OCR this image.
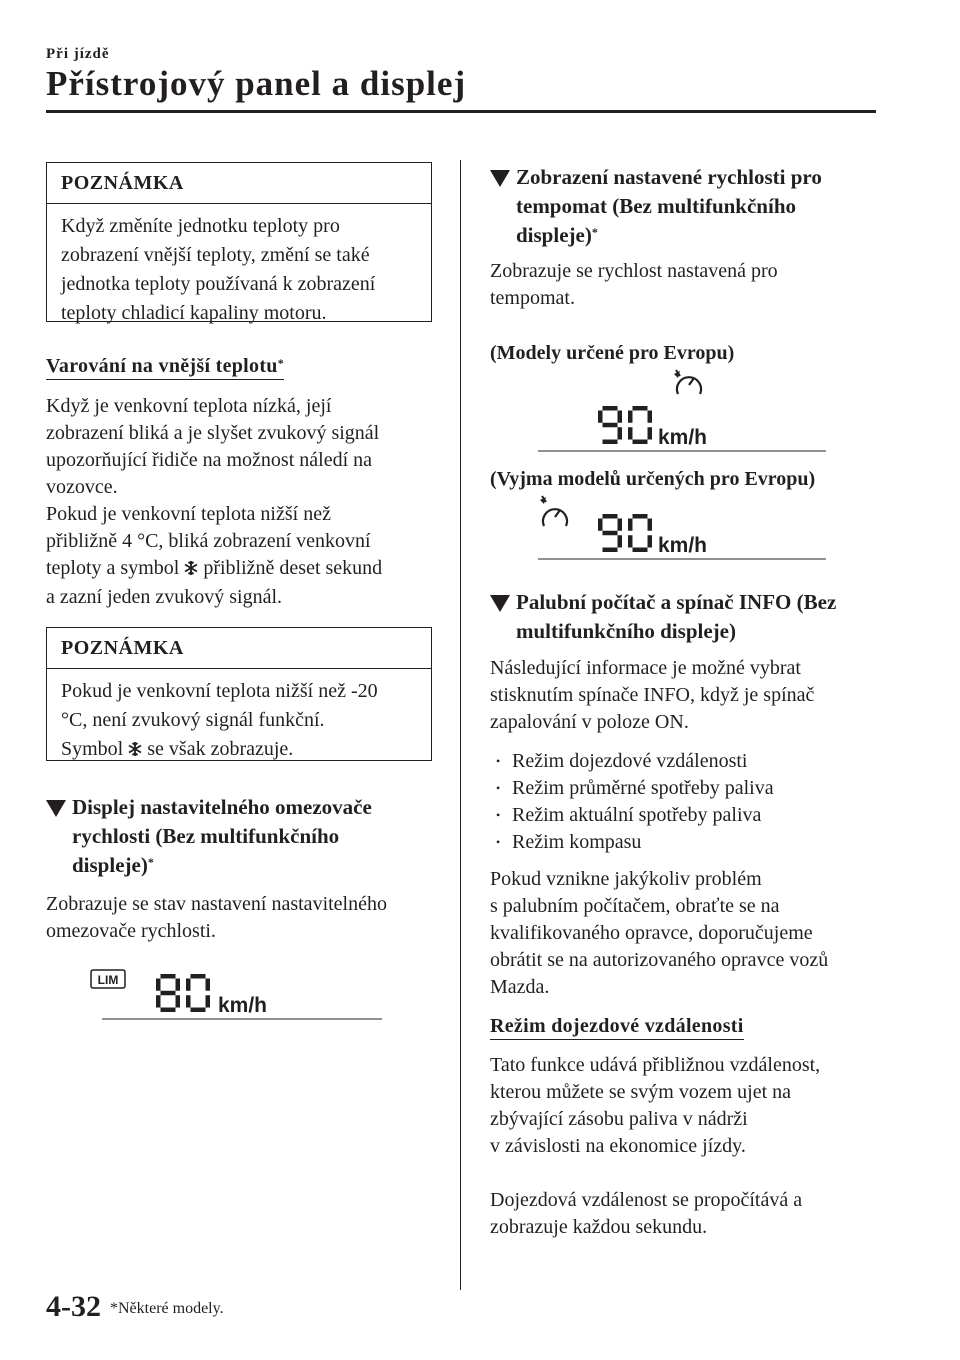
Při jízdě
Přístrojový panel a displej
POZNÁMKA
Když změníte jednotku teploty pro
zobrazení vnější teploty, změní se také
jednotka teploty používaná k zobrazení
teploty chladicí kapaliny motoru.
Varování na vnější teplotu*
Když je venkovní teplota nízká, její
zobrazení bliká a je slyšet zvukový signál
upozorňující řidiče na možnost náledí na
vozovce.
Pokud je venkovní teplota nižší než
přibližně 4 °C, bliká zobrazení venkovní
teploty a symbol  přibližně deset sekund
a zazní jeden zvukový signál.
POZNÁMKA
Pokud je venkovní teplota nižší než -20
°C, není zvukový signál funkční.
Symbol  se však zobrazuje.
Displej nastavitelného omezovače
rychlosti (Bez multifunkčního
displeje)*
Zobrazuje se stav nastavení nastavitelného
omezovače rychlosti.
LIM
km/h
Zobrazení nastavené rychlosti pro
tempomat (Bez multifunkčního
displeje)*
Zobrazuje se rychlost nastavená pro
tempomat.
(Modely určené pro Evropu)
km/h
(Vyjma modelů určených pro Evropu)
km/h
Palubní počítač a spínač INFO (Bez
multifunkčního displeje)
Následující informace je možné vybrat
stisknutím spínače INFO, když je spínač
zapalování v poloze ON.
• Režim dojezdové vzdálenosti
• Režim průměrné spotřeby paliva
• Režim aktuální spotřeby paliva
• Režim kompasu
Pokud vznikne jakýkoliv problém
s palubním počítačem, obraťte se na
kvalifikovaného opravce, doporučujeme
obrátit se na autorizovaného opravce vozů
Mazda.
Režim dojezdové vzdálenosti
Tato funkce udává přibližnou vzdálenost,
kterou můžete se svým vozem ujet na
zbývající zásobu paliva v nádrži
v závislosti na ekonomice jízdy.
Dojezdová vzdálenost se propočítává a
zobrazuje každou sekundu.
4-32 *Některé modely.
